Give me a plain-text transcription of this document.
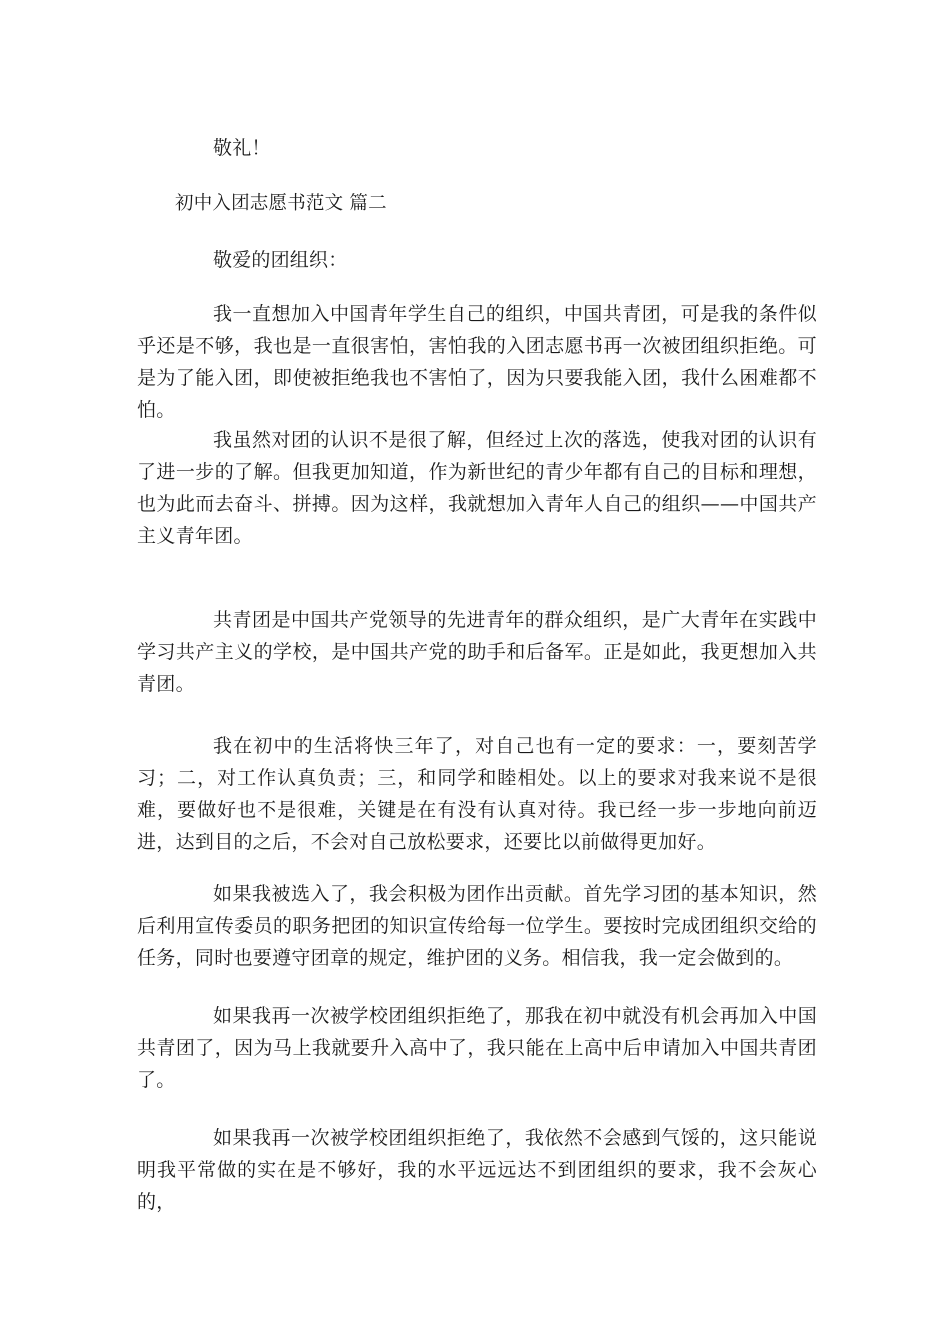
敬礼！
初中入团志愿书范文 篇二
敬爱的团组织：

我一直想加入中国青年学生自己的组织，中国共青团，可是我的条件似乎还是不够，我也是一直很害怕，害怕我的入团志愿书再一次被团组织拒绝。可是为了能入团，即使被拒绝我也不害怕了，因为只要我能入团，我什么困难都不怕。

我虽然对团的认识不是很了解，但经过上次的落选，使我对团的认识有了进一步的了解。但我更加知道，作为新世纪的青少年都有自己的目标和理想，也为此而去奋斗、拼搏。因为这样，我就想加入青年人自己的组织——中国共产主义青年团。

共青团是中国共产党领导的先进青年的群众组织，是广大青年在实践中学习共产主义的学校，是中国共产党的助手和后备军。正是如此，我更想加入共青团。

我在初中的生活将快三年了，对自己也有一定的要求：一，要刻苦学习；二，对工作认真负责；三，和同学和睦相处。以上的要求对我来说不是很难，要做好也不是很难，关键是在有没有认真对待。我已经一步一步地向前迈进，达到目的之后，不会对自己放松要求，还要比以前做得更加好。

如果我被选入了，我会积极为团作出贡献。首先学习团的基本知识，然后利用宣传委员的职务把团的知识宣传给每一位学生。要按时完成团组织交给的任务，同时也要遵守团章的规定，维护团的义务。相信我，我一定会做到的。

如果我再一次被学校团组织拒绝了，那我在初中就没有机会再加入中国共青团了，因为马上我就要升入高中了，我只能在上高中后申请加入中国共青团了。

如果我再一次被学校团组织拒绝了，我依然不会感到气馁的，这只能说明我平常做的实在是不够好，我的水平远远达不到团组织的要求，我不会灰心的，
